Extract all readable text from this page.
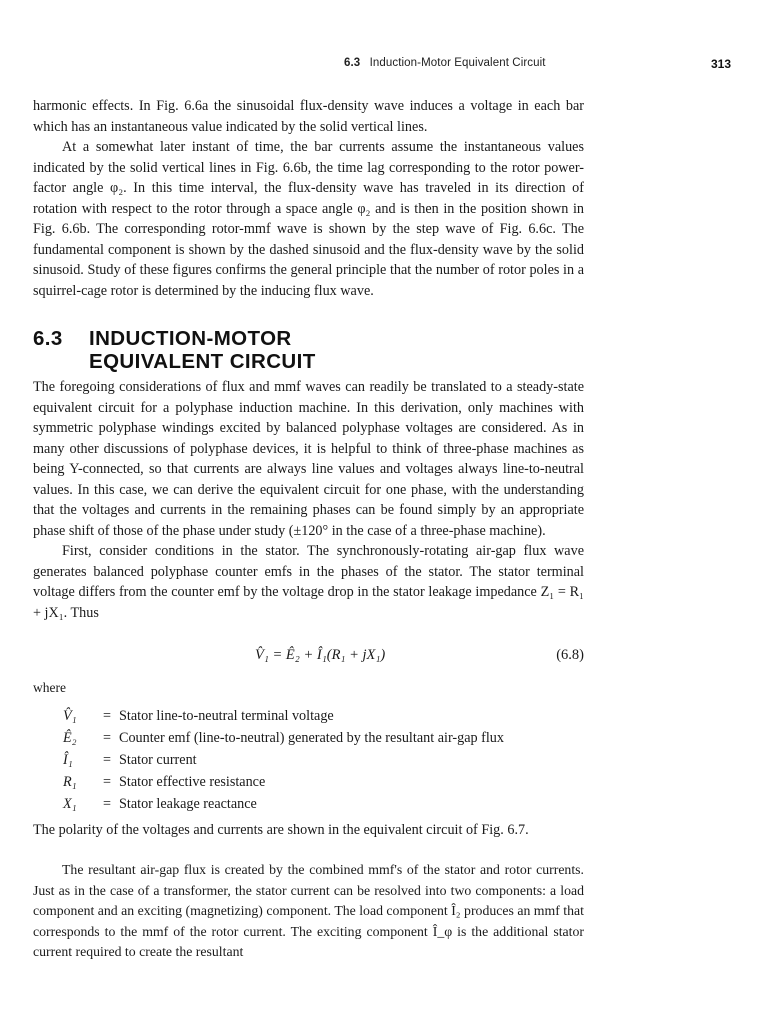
6.3 Induction-Motor Equivalent Circuit	313

harmonic effects. In Fig. 6.6a the sinusoidal flux-density wave induces a voltage in each bar which has an instantaneous value indicated by the solid vertical lines.

At a somewhat later instant of time, the bar currents assume the instantaneous values indicated by the solid vertical lines in Fig. 6.6b, the time lag corresponding to the rotor power-factor angle φ₂. In this time interval, the flux-density wave has traveled in its direction of rotation with respect to the rotor through a space angle φ₂ and is then in the position shown in Fig. 6.6b. The corresponding rotor-mmf wave is shown by the step wave of Fig. 6.6c. The fundamental component is shown by the dashed sinusoid and the flux-density wave by the solid sinusoid. Study of these figures confirms the general principle that the number of rotor poles in a squirrel-cage rotor is determined by the inducing flux wave.

6.3 INDUCTION-MOTOR
EQUIVALENT CIRCUIT

The foregoing considerations of flux and mmf waves can readily be translated to a steady-state equivalent circuit for a polyphase induction machine. In this derivation, only machines with symmetric polyphase windings excited by balanced polyphase voltages are considered. As in many other discussions of polyphase devices, it is helpful to think of three-phase machines as being Y-connected, so that currents are always line values and voltages always line-to-neutral values. In this case, we can derive the equivalent circuit for one phase, with the understanding that the voltages and currents in the remaining phases can be found simply by an appropriate phase shift of those of the phase under study (±120° in the case of a three-phase machine).

First, consider conditions in the stator. The synchronously-rotating air-gap flux wave generates balanced polyphase counter emfs in the phases of the stator. The stator terminal voltage differs from the counter emf by the voltage drop in the stator leakage impedance Z₁ = R₁ + jX₁. Thus

V̂₁ = Ê₂ + Î₁(R₁ + jX₁)	(6.8)
where
V̂₁	= Stator line-to-neutral terminal voltage
Ê₂	= Counter emf (line-to-neutral) generated by the resultant air-gap flux
Î₁	= Stator current
R₁	= Stator effective resistance
X₁	= Stator leakage reactance

The polarity of the voltages and currents are shown in the equivalent circuit of Fig. 6.7.

The resultant air-gap flux is created by the combined mmf's of the stator and rotor currents. Just as in the case of a transformer, the stator current can be resolved into two components: a load component and an exciting (magnetizing) component. The load component Î₂ produces an mmf that corresponds to the mmf of the rotor current. The exciting component Î_φ is the additional stator current required to create the resultant
